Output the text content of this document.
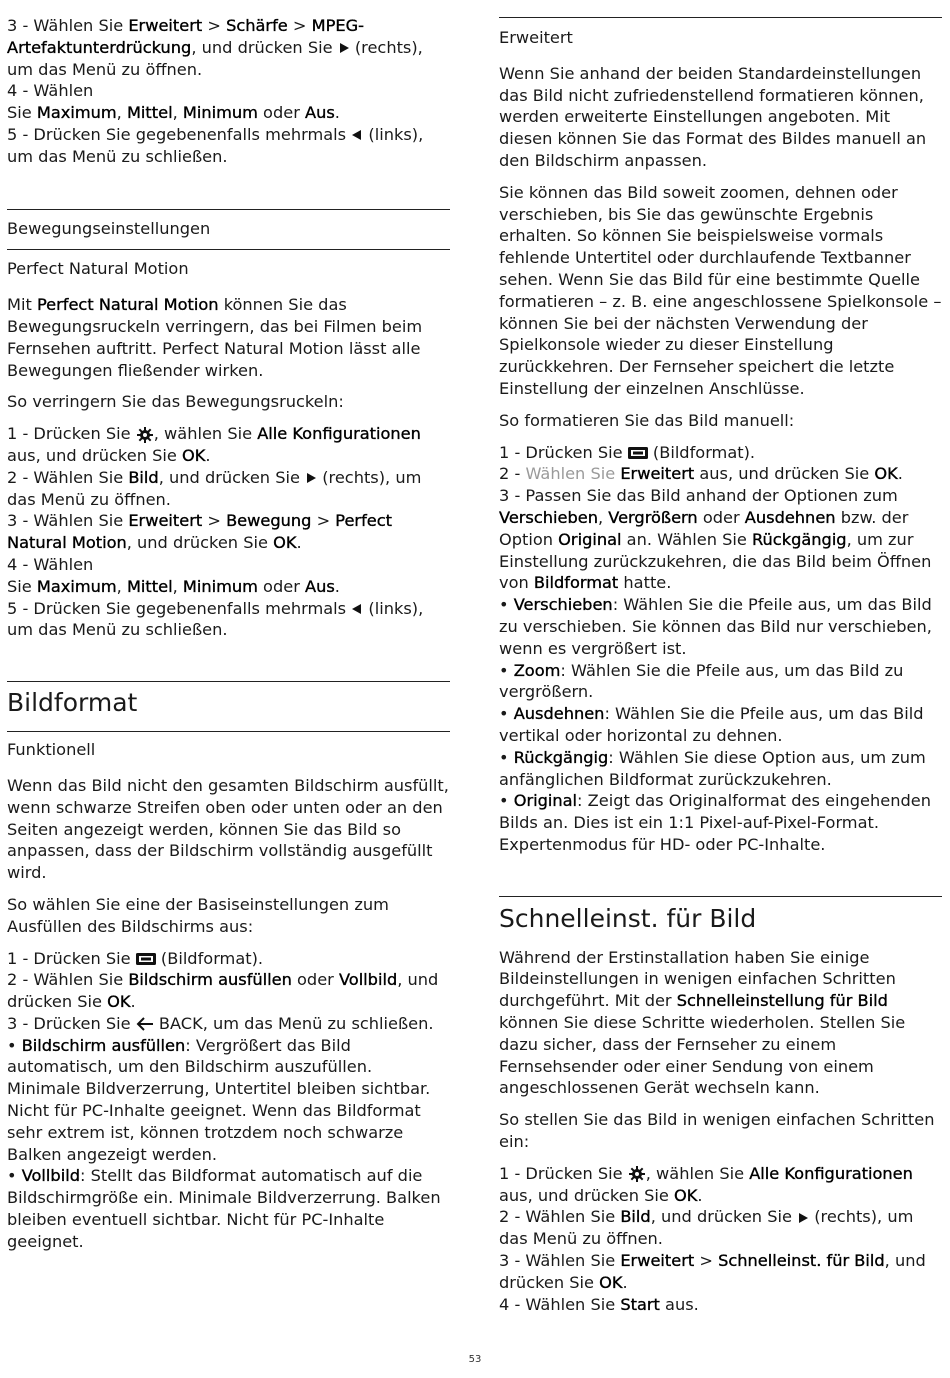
3 - Wählen Sie Erweitert > Schärfe > MPEG-Artefaktunterdrückung, und drücken Sie  (rechts), um das Menü zu öffnen.
4 - Wählen
Sie Maximum, Mittel, Minimum oder Aus.
5 - Drücken Sie gegebenenfalls mehrmals  (links), um das Menü zu schließen.

Bewegungseinstellungen

Perfect Natural Motion

Mit Perfect Natural Motion können Sie das Bewegungsruckeln verringern, das bei Filmen beim Fernsehen auftritt. Perfect Natural Motion lässt alle Bewegungen fließender wirken.

So verringern Sie das Bewegungsruckeln:

1 - Drücken Sie , wählen Sie Alle Konfigurationen aus, und drücken Sie OK.
2 - Wählen Sie Bild, und drücken Sie  (rechts), um das Menü zu öffnen.
3 - Wählen Sie Erweitert > Bewegung > Perfect Natural Motion, und drücken Sie OK.
4 - Wählen
Sie Maximum, Mittel, Minimum oder Aus.
5 - Drücken Sie gegebenenfalls mehrmals  (links), um das Menü zu schließen.

Bildformat

Funktionell

Wenn das Bild nicht den gesamten Bildschirm ausfüllt, wenn schwarze Streifen oben oder unten oder an den Seiten angezeigt werden, können Sie das Bild so anpassen, dass der Bildschirm vollständig ausgefüllt wird.

So wählen Sie eine der Basiseinstellungen zum Ausfüllen des Bildschirms aus:

1 - Drücken Sie  (Bildformat).
2 - Wählen Sie Bildschirm ausfüllen oder Vollbild, und drücken Sie OK.
3 - Drücken Sie  BACK, um das Menü zu schließen.
• Bildschirm ausfüllen: Vergrößert das Bild automatisch, um den Bildschirm auszufüllen. Minimale Bildverzerrung, Untertitel bleiben sichtbar. Nicht für PC-Inhalte geeignet. Wenn das Bildformat sehr extrem ist, können trotzdem noch schwarze Balken angezeigt werden.
• Vollbild: Stellt das Bildformat automatisch auf die Bildschirmgröße ein. Minimale Bildverzerrung. Balken bleiben eventuell sichtbar. Nicht für PC-Inhalte geeignet.

Erweitert

Wenn Sie anhand der beiden Standardeinstellungen das Bild nicht zufriedenstellend formatieren können, werden erweiterte Einstellungen angeboten. Mit diesen können Sie das Format des Bildes manuell an den Bildschirm anpassen.

Sie können das Bild soweit zoomen, dehnen oder verschieben, bis Sie das gewünschte Ergebnis erhalten. So können Sie beispielsweise vormals fehlende Untertitel oder durchlaufende Textbanner sehen. Wenn Sie das Bild für eine bestimmte Quelle formatieren – z. B. eine angeschlossene Spielkonsole – können Sie bei der nächsten Verwendung der Spielkonsole wieder zu dieser Einstellung zurückkehren. Der Fernseher speichert die letzte Einstellung der einzelnen Anschlüsse.

So formatieren Sie das Bild manuell:

1 - Drücken Sie  (Bildformat).
2 - Wählen Sie Erweitert aus, und drücken Sie OK.
3 - Passen Sie das Bild anhand der Optionen zum Verschieben, Vergrößern oder Ausdehnen bzw. der Option Original an. Wählen Sie Rückgängig, um zur Einstellung zurückzukehren, die das Bild beim Öffnen von Bildformat hatte.
• Verschieben: Wählen Sie die Pfeile aus, um das Bild zu verschieben. Sie können das Bild nur verschieben, wenn es vergrößert ist.
• Zoom: Wählen Sie die Pfeile aus, um das Bild zu vergrößern.
• Ausdehnen: Wählen Sie die Pfeile aus, um das Bild vertikal oder horizontal zu dehnen.
• Rückgängig: Wählen Sie diese Option aus, um zum anfänglichen Bildformat zurückzukehren.
• Original: Zeigt das Originalformat des eingehenden Bilds an. Dies ist ein 1:1 Pixel-auf-Pixel-Format. Expertenmodus für HD- oder PC-Inhalte.

Schnelleinst. für Bild

Während der Erstinstallation haben Sie einige Bildeinstellungen in wenigen einfachen Schritten durchgeführt. Mit der Schnelleinstellung für Bild können Sie diese Schritte wiederholen. Stellen Sie dazu sicher, dass der Fernseher zu einem Fernsehsender oder einer Sendung von einem angeschlossenen Gerät wechseln kann.

So stellen Sie das Bild in wenigen einfachen Schritten ein:

1 - Drücken Sie , wählen Sie Alle Konfigurationen aus, und drücken Sie OK.
2 - Wählen Sie Bild, und drücken Sie  (rechts), um das Menü zu öffnen.
3 - Wählen Sie Erweitert > Schnelleinst. für Bild, und drücken Sie OK.
4 - Wählen Sie Start aus.

53
